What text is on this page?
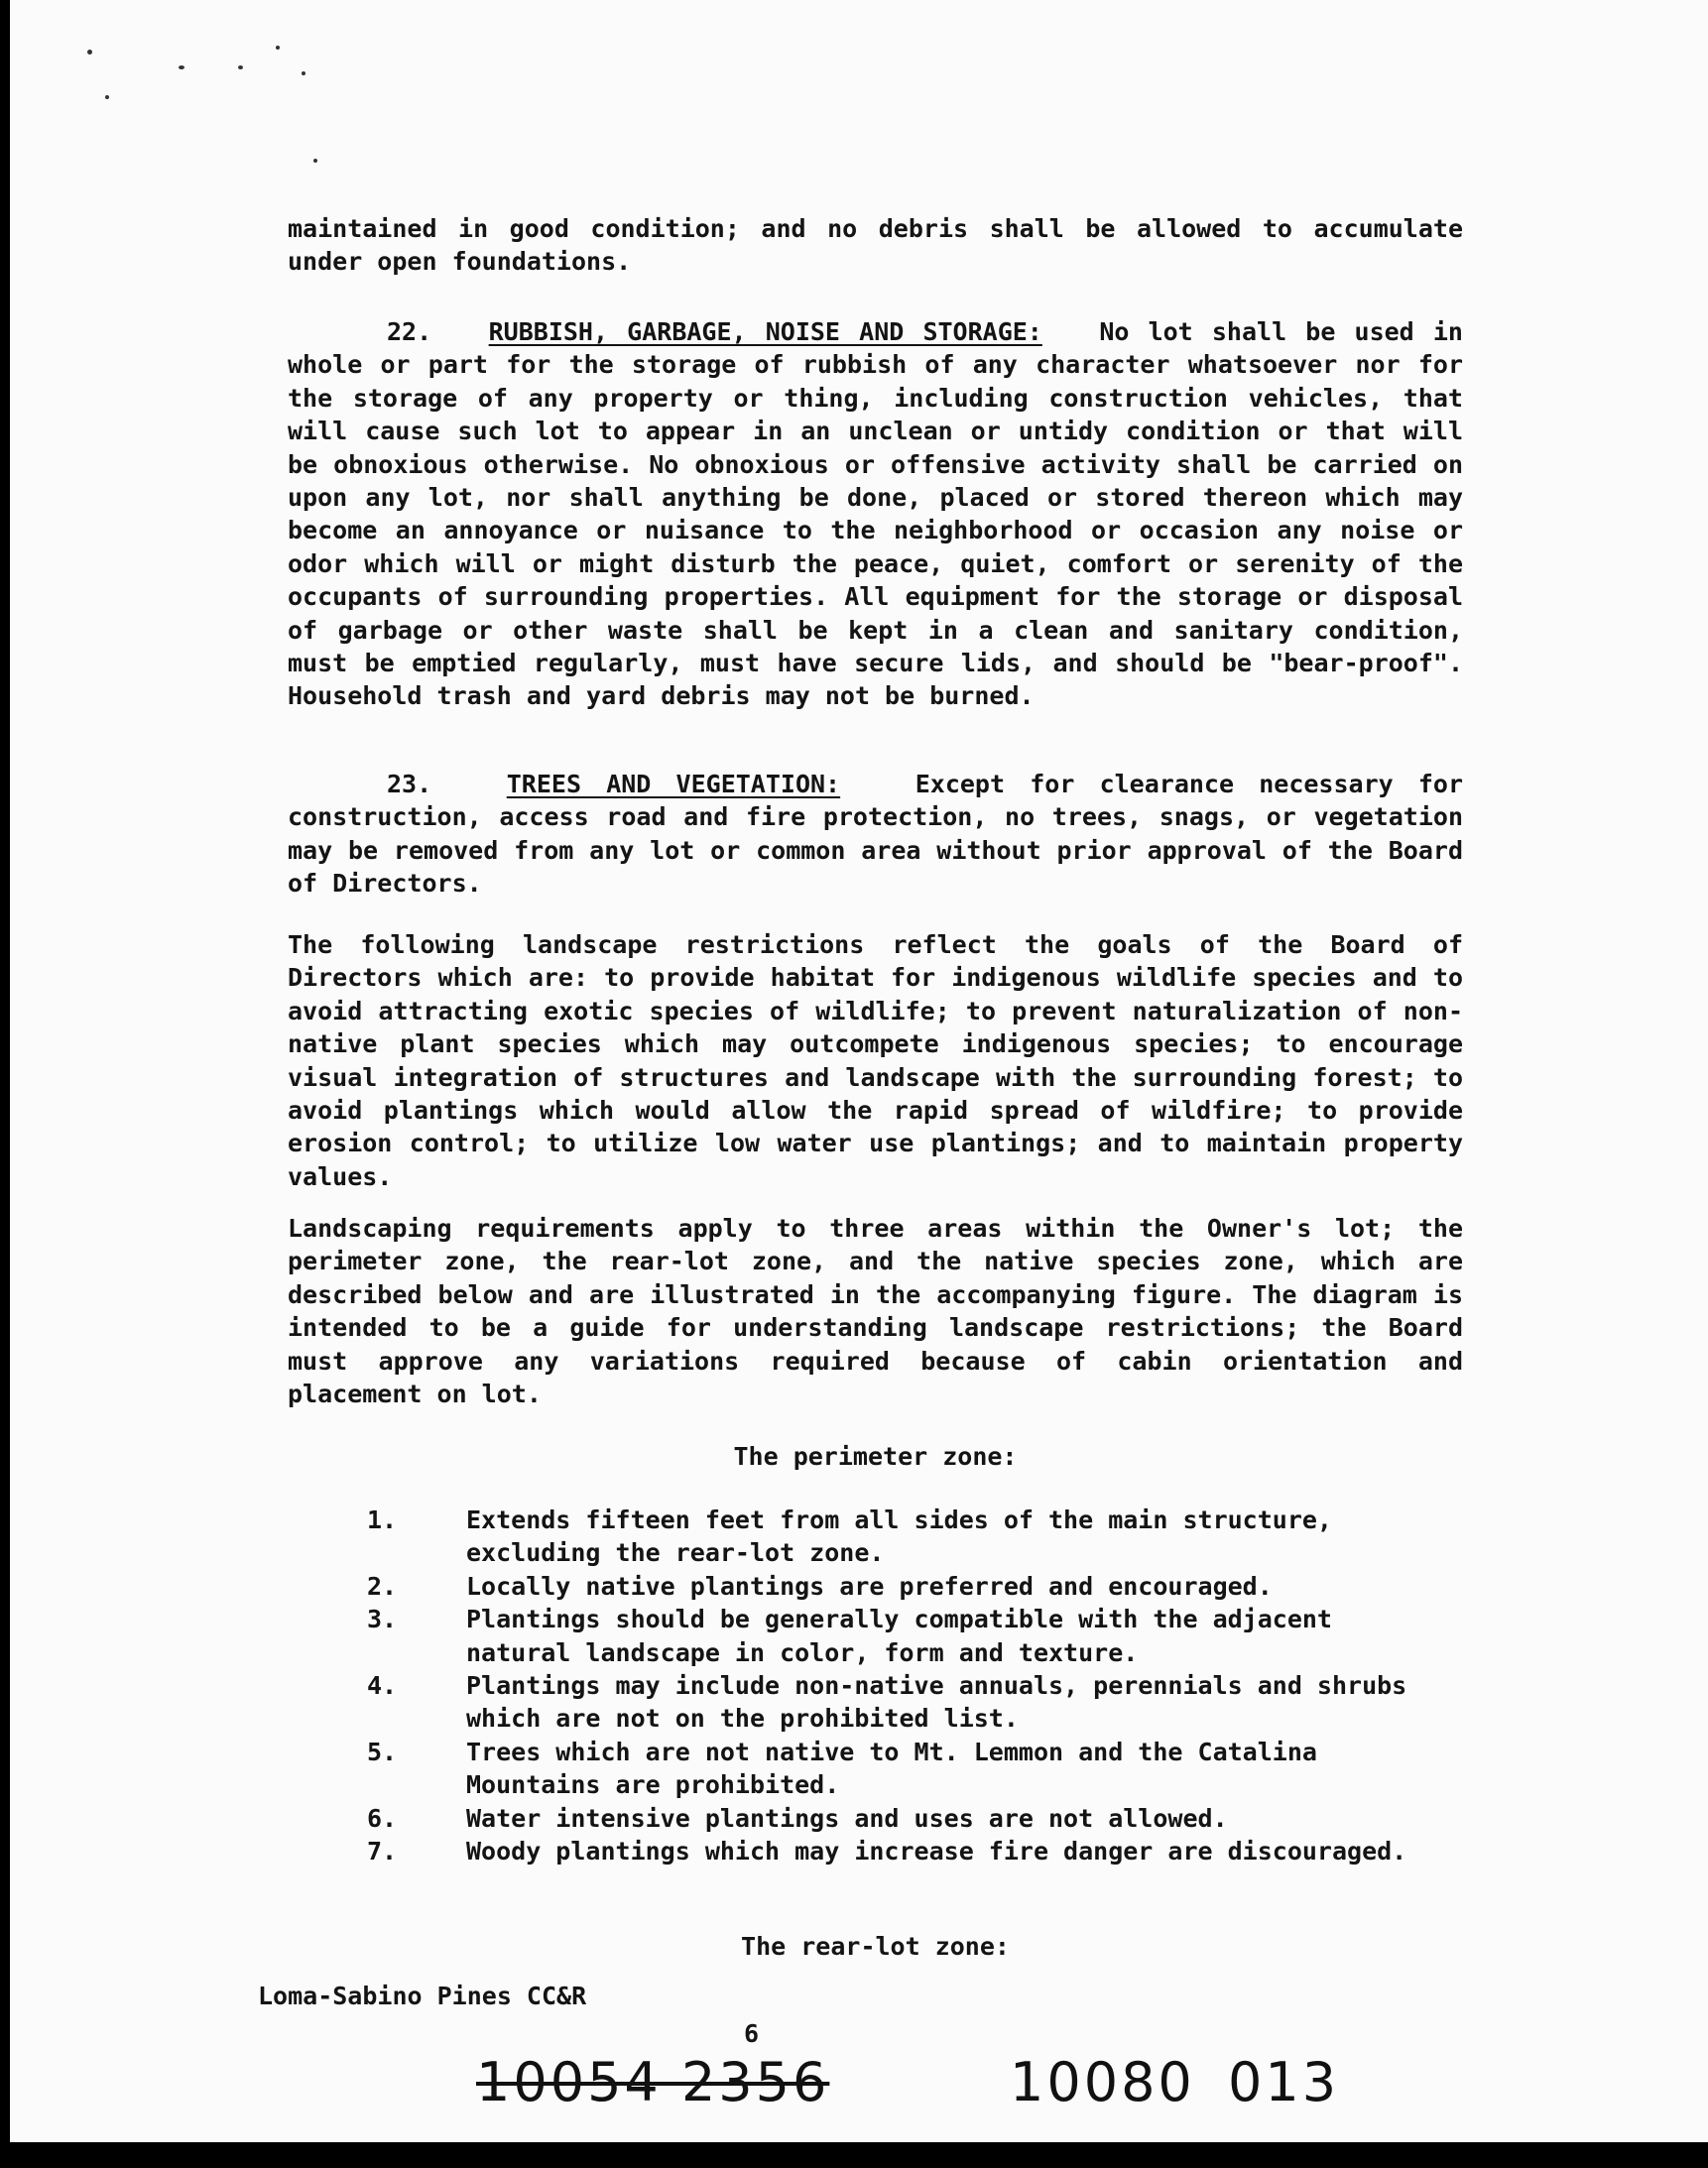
maintained in good condition; and no debris shall be allowed to accumulate under open foundations.

22. RUBBISH, GARBAGE, NOISE AND STORAGE: No lot shall be used in whole or part for the storage of rubbish of any character whatsoever nor for the storage of any property or thing, including construction vehicles, that will cause such lot to appear in an unclean or untidy condition or that will be obnoxious otherwise. No obnoxious or offensive activity shall be carried on upon any lot, nor shall anything be done, placed or stored thereon which may become an annoyance or nuisance to the neighborhood or occasion any noise or odor which will or might disturb the peace, quiet, comfort or serenity of the occupants of surrounding properties. All equipment for the storage or disposal of garbage or other waste shall be kept in a clean and sanitary condition, must be emptied regularly, must have secure lids, and should be "bear-proof". Household trash and yard debris may not be burned.

23.	TREES AND VEGETATION:	Except for clearance necessary for construction, access road and fire protection, no trees, snags, or vegetation may be removed from any lot or common area without prior approval of the Board of Directors.

The following landscape restrictions reflect the goals of the Board of Directors which are: to provide habitat for indigenous wildlife species and to avoid attracting exotic species of wildlife; to prevent naturalization of non-native plant species which may outcompete indigenous species; to encourage visual integration of structures and landscape with the surrounding forest; to avoid plantings which would allow the rapid spread of wildfire; to provide erosion control; to utilize low water use plantings; and to maintain property values.

Landscaping requirements apply to three areas within the Owner's lot; the perimeter zone, the rear-lot zone, and the native species zone, which are described below and are illustrated in the accompanying figure. The diagram is intended to be a guide for understanding landscape restrictions; the Board must approve any variations required because of cabin orientation and placement on lot.

The perimeter zone:
1.	Extends fifteen feet from all sides of the main structure, excluding the rear-lot zone.
2.	Locally native plantings are preferred and encouraged.
3.	Plantings should be generally compatible with the adjacent natural landscape in color, form and texture.
4.	Plantings may include non-native annuals, perennials and shrubs which are not on the prohibited list.
5.	Trees which are not native to Mt. Lemmon and the Catalina Mountains are prohibited.
6.	Water intensive plantings and uses are not allowed.
7.	Woody plantings which may increase fire danger are discouraged.
The rear-lot zone:
Loma-Sabino Pines CC&R
6
10054 2356	10080 013
